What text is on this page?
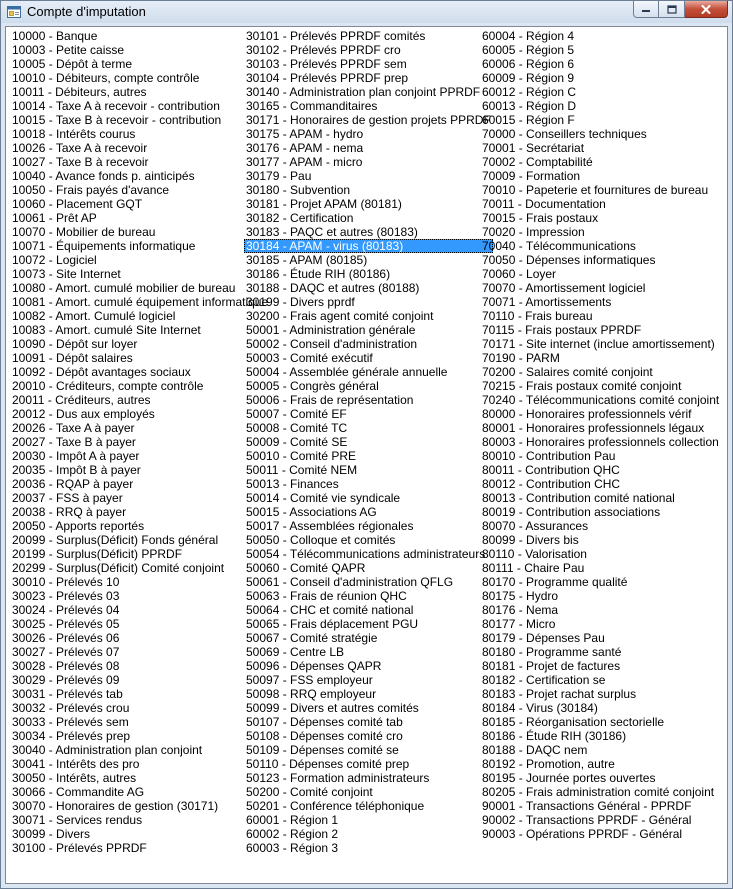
Compte d'imputation
10000 - Banque
10003 - Petite caisse
10005 - Dépôt à terme
10010 - Débiteurs, compte contrôle
10011 - Débiteurs, autres
10014 - Taxe A à recevoir - contribution
10015 - Taxe B à recevoir - contribution
10018 - Intérêts courus
10026 - Taxe A à recevoir
10027 - Taxe B à recevoir
10040 - Avance fonds p. ainticipés
10050 - Frais payés d'avance
10060 - Placement GQT
10061 - Prêt AP
10070 - Mobilier de bureau
10071 - Équipements informatique
10072 - Logiciel
10073 - Site Internet
10080 - Amort. cumulé mobilier de bureau
10081 - Amort. cumulé équipement informatique
10082 - Amort. Cumulé logiciel
10083 - Amort. cumulé Site Internet
10090 - Dépôt sur loyer
10091 - Dépôt salaires
10092 - Dépôt avantages sociaux
20010 - Créditeurs, compte contrôle
20011 - Créditeurs, autres
20012 - Dus aux employés
20026 - Taxe A à payer
20027 - Taxe B à payer
20030 - Impôt A à payer
20035 - Impôt B à payer
20036 - RQAP à payer
20037 - FSS à payer
20038 - RRQ à payer
20050 - Apports reportés
20099 - Surplus(Déficit) Fonds général
20199 - Surplus(Déficit) PPRDF
20299 - Surplus(Déficit) Comité conjoint
30010 - Prélevés 10
30023 - Prélevés 03
30024 - Prélevés 04
30025 - Prélevés 05
30026 - Prélevés 06
30027 - Prélevés 07
30028 - Prélevés 08
30029 - Prélevés 09
30031 - Prélevés tab
30032 - Prélevés crou
30033 - Prélevés sem
30034 - Prélevés prep
30040 - Administration plan conjoint
30041 - Intérêts des pro
30050 - Intérêts, autres
30066 - Commandite AG
30070 - Honoraires de gestion (30171)
30071 - Services rendus
30099 - Divers
30100 - Prélevés PPRDF
30101 - Prélevés PPRDF comités
30102 - Prélevés PPRDF cro
30103 - Prélevés PPRDF sem
30104 - Prélevés PPRDF prep
30140 - Administration plan conjoint PPRDF
30165 - Commanditaires
30171 - Honoraires de gestion projets PPRDF
30175 - APAM - hydro
30176 - APAM - nema
30177 - APAM - micro
30179 - Pau
30180 - Subvention
30181 - Projet APAM (80181)
30182 - Certification
30183 - PAQC et autres (80183)
30184 - APAM - virus (80183)
30185 - APAM (80185)
30186 - Étude RIH (80186)
30188 - DAQC et autres (80188)
30199 - Divers pprdf
30200 - Frais agent comité conjoint
50001 - Administration générale
50002 - Conseil d'administration
50003 - Comité exécutif
50004 - Assemblée générale annuelle
50005 - Congrès général
50006 - Frais de représentation
50007 - Comité EF
50008 - Comité TC
50009 - Comité SE
50010 - Comité PRE
50011 - Comité NEM
50013 - Finances
50014 - Comité vie syndicale
50015 - Associations AG
50017 - Assemblées régionales
50050 - Colloque et comités
50054 - Télécommunications administrateurs
50060 - Comité QAPR
50061 - Conseil d'administration QFLG
50063 - Frais de réunion QHC
50064 - CHC et comité national
50065 - Frais déplacement PGU
50067 - Comité stratégie
50069 - Centre LB
50096 - Dépenses QAPR
50097 - FSS employeur
50098 - RRQ employeur
50099 - Divers et autres comités
50107 - Dépenses comité tab
50108 - Dépenses comité cro
50109 - Dépenses comité se
50110 - Dépenses comité prep
50123 - Formation administrateurs
50200 - Comité conjoint
50201 - Conférence téléphonique
60001 - Région 1
60002 - Région 2
60003 - Région 3
60004 - Région 4
60005 - Région 5
60006 - Région 6
60009 - Région 9
60012 - Région C
60013 - Région D
60015 - Région F
70000 - Conseillers techniques
70001 - Secrétariat
70002 - Comptabilité
70009 - Formation
70010 - Papeterie et fournitures de bureau
70011 - Documentation
70015 - Frais postaux
70020 - Impression
70040 - Télécommunications
70050 - Dépenses informatiques
70060 - Loyer
70070 - Amortissement logiciel
70071 - Amortissements
70110 - Frais bureau
70115 - Frais postaux PPRDF
70171 - Site internet (inclue amortissement)
70190 - PARM
70200 - Salaires comité conjoint
70215 - Frais postaux comité conjoint
70240 - Télécommunications comité conjoint
80000 - Honoraires professionnels vérif
80001 - Honoraires professionnels légaux
80003 - Honoraires professionnels collection
80010 - Contribution Pau
80011 - Contribution QHC
80012 - Contribution CHC
80013 - Contribution comité national
80019 - Contribution associations
80070 - Assurances
80099 - Divers bis
80110 - Valorisation
80111 - Chaire Pau
80170 - Programme qualité
80175 - Hydro
80176 - Nema
80177 - Micro
80179 - Dépenses Pau
80180 - Programme santé
80181 - Projet de factures
80182 - Certification se
80183 - Projet rachat surplus
80184 - Virus (30184)
80185 - Réorganisation sectorielle
80186 - Étude RIH (30186)
80188 - DAQC nem
80192 - Promotion, autre
80195 - Journée portes ouvertes
80205 - Frais administration comité conjoint
90001 - Transactions Général - PPRDF
90002 - Transactions PPRDF - Général
90003 - Opérations PPRDF - Général
